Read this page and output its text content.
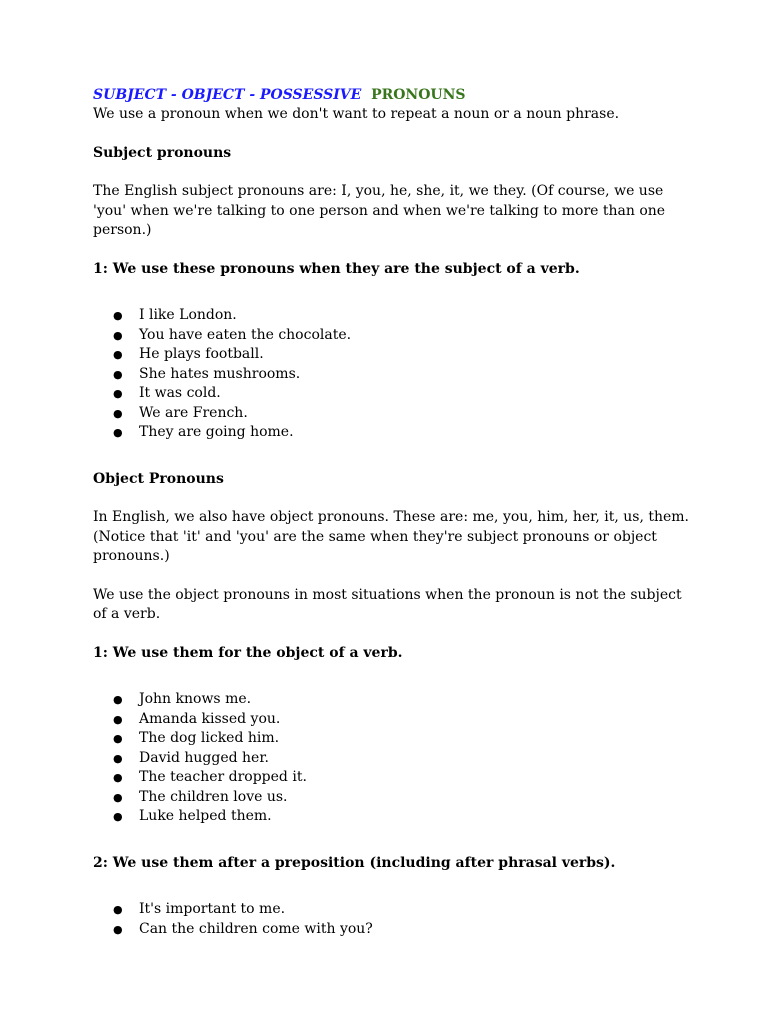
SUBJECT - OBJECT - POSSESSIVE PRONOUNS

We use a pronoun when we don't want to repeat a noun or a noun phrase.

Subject pronouns

The English subject pronouns are: I, you, he, she, it, we they. (Of course, we use 'you' when we're talking to one person and when we're talking to more than one person.)

1: We use these pronouns when they are the subject of a verb.

● I like London.
● You have eaten the chocolate.
● He plays football.
● She hates mushrooms.
● It was cold.
● We are French.
● They are going home.

Object Pronouns

In English, we also have object pronouns. These are: me, you, him, her, it, us, them. (Notice that 'it' and 'you' are the same when they're subject pronouns or object pronouns.)

We use the object pronouns in most situations when the pronoun is not the subject of a verb.

1: We use them for the object of a verb.

● John knows me.
● Amanda kissed you.
● The dog licked him.
● David hugged her.
● The teacher dropped it.
● The children love us.
● Luke helped them.

2: We use them after a preposition (including after phrasal verbs).

● It's important to me.
● Can the children come with you?
